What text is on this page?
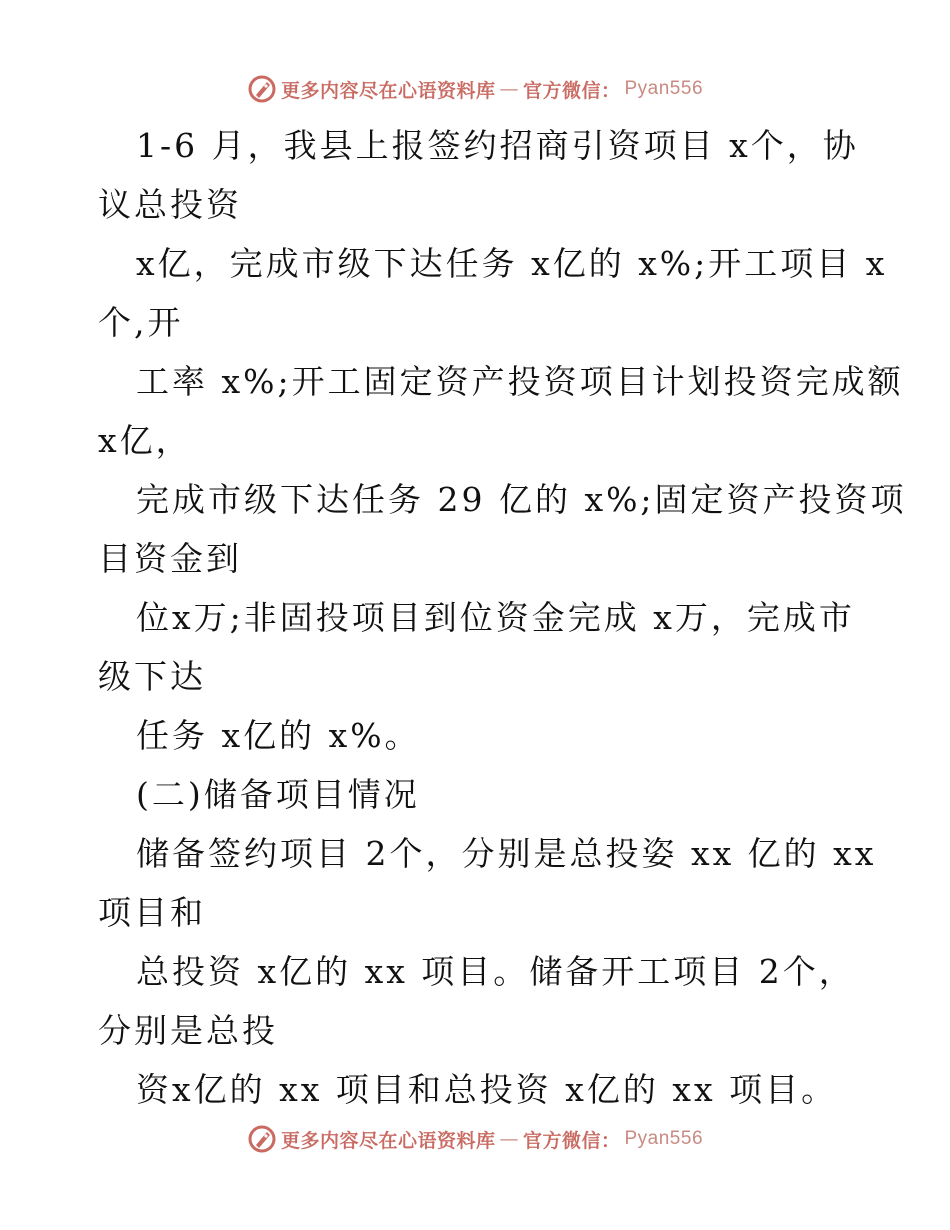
更多内容尽在心语资料库 — 官方微信： Pyan556
1-6 月，我县上报签约招商引资项目 x个，协
议总投资
x亿，完成市级下达任务 x亿的 x%;开工项目 x
个,开
工率 x%;开工固定资产投资项目计划投资完成额
x亿，
完成市级下达任务 29 亿的 x%;固定资产投资项
目资金到
位x万;非固投项目到位资金完成 x万，完成市
级下达
任务 x亿的 x%。
(二)储备项目情况
储备签约项目 2个，分别是总投姿 xx 亿的 xx
项目和
总投资 x亿的 xx 项目。储备开工项目 2个，
分别是总投
资x亿的 xx 项目和总投资 x亿的 xx 项目。
更多内容尽在心语资料库 — 官方微信： Pyan556
